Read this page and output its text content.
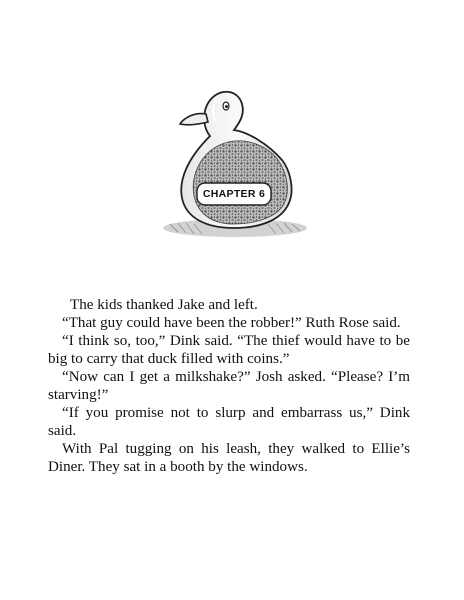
CHAPTER 6

The kids thanked Jake and left.

“That guy could have been the robber!” Ruth Rose said.

“I think so, too,” Dink said. “The thief would have to be big to carry that duck filled with coins.”

“Now can I get a milkshake?” Josh asked. “Please? I’m starving!”

“If you promise not to slurp and embarrass us,” Dink said.

With Pal tugging on his leash, they walked to Ellie’s Diner. They sat in a booth by the windows.
